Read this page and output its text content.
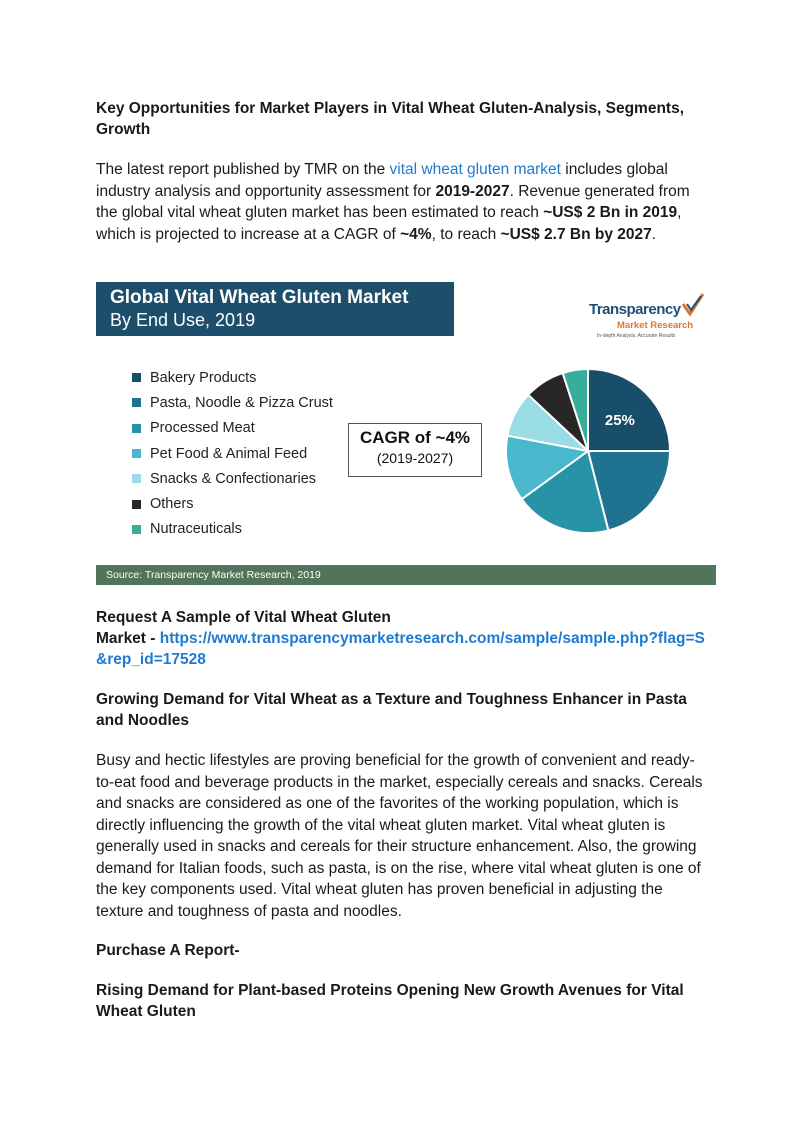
Key Opportunities for Market Players in Vital Wheat Gluten-Analysis, Segments, Growth

The latest report published by TMR on the vital wheat gluten market includes global industry analysis and opportunity assessment for 2019-2027. Revenue generated from the global vital wheat gluten market has been estimated to reach ~US$ 2 Bn in 2019, which is projected to increase at a CAGR of ~4%, to reach ~US$ 2.7 Bn by 2027.

Request A Sample of Vital Wheat Gluten
Market - https://www.transparencymarketresearch.com/sample/sample.php?flag=S&rep_id=17528
Growing Demand for Vital Wheat as a Texture and Toughness Enhancer in Pasta and Noodles

Busy and hectic lifestyles are proving beneficial for the growth of convenient and ready-to-eat food and beverage products in the market, especially cereals and snacks. Cereals and snacks are considered as one of the favorites of the working population, which is directly influencing the growth of the vital wheat gluten market. Vital wheat gluten is generally used in snacks and cereals for their structure enhancement. Also, the growing demand for Italian foods, such as pasta, is on the rise, where vital wheat gluten is one of the key components used. Vital wheat gluten has proven beneficial in adjusting the texture and toughness of pasta and noodles.

Purchase A Report-
Rising Demand for Plant-based Proteins Opening New Growth Avenues for Vital Wheat Gluten
Global Vital Wheat Gluten Market
By End Use, 2019
Transparency
Market Research
In-depth Analysis. Accurate Results
Bakery Products
Pasta, Noodle & Pizza Crust
Processed Meat
Pet Food & Animal Feed
Snacks & Confectionaries
Others
Nutraceuticals
CAGR of ~4%
(2019-2027)
25%
Source: Transparency Market Research, 2019
